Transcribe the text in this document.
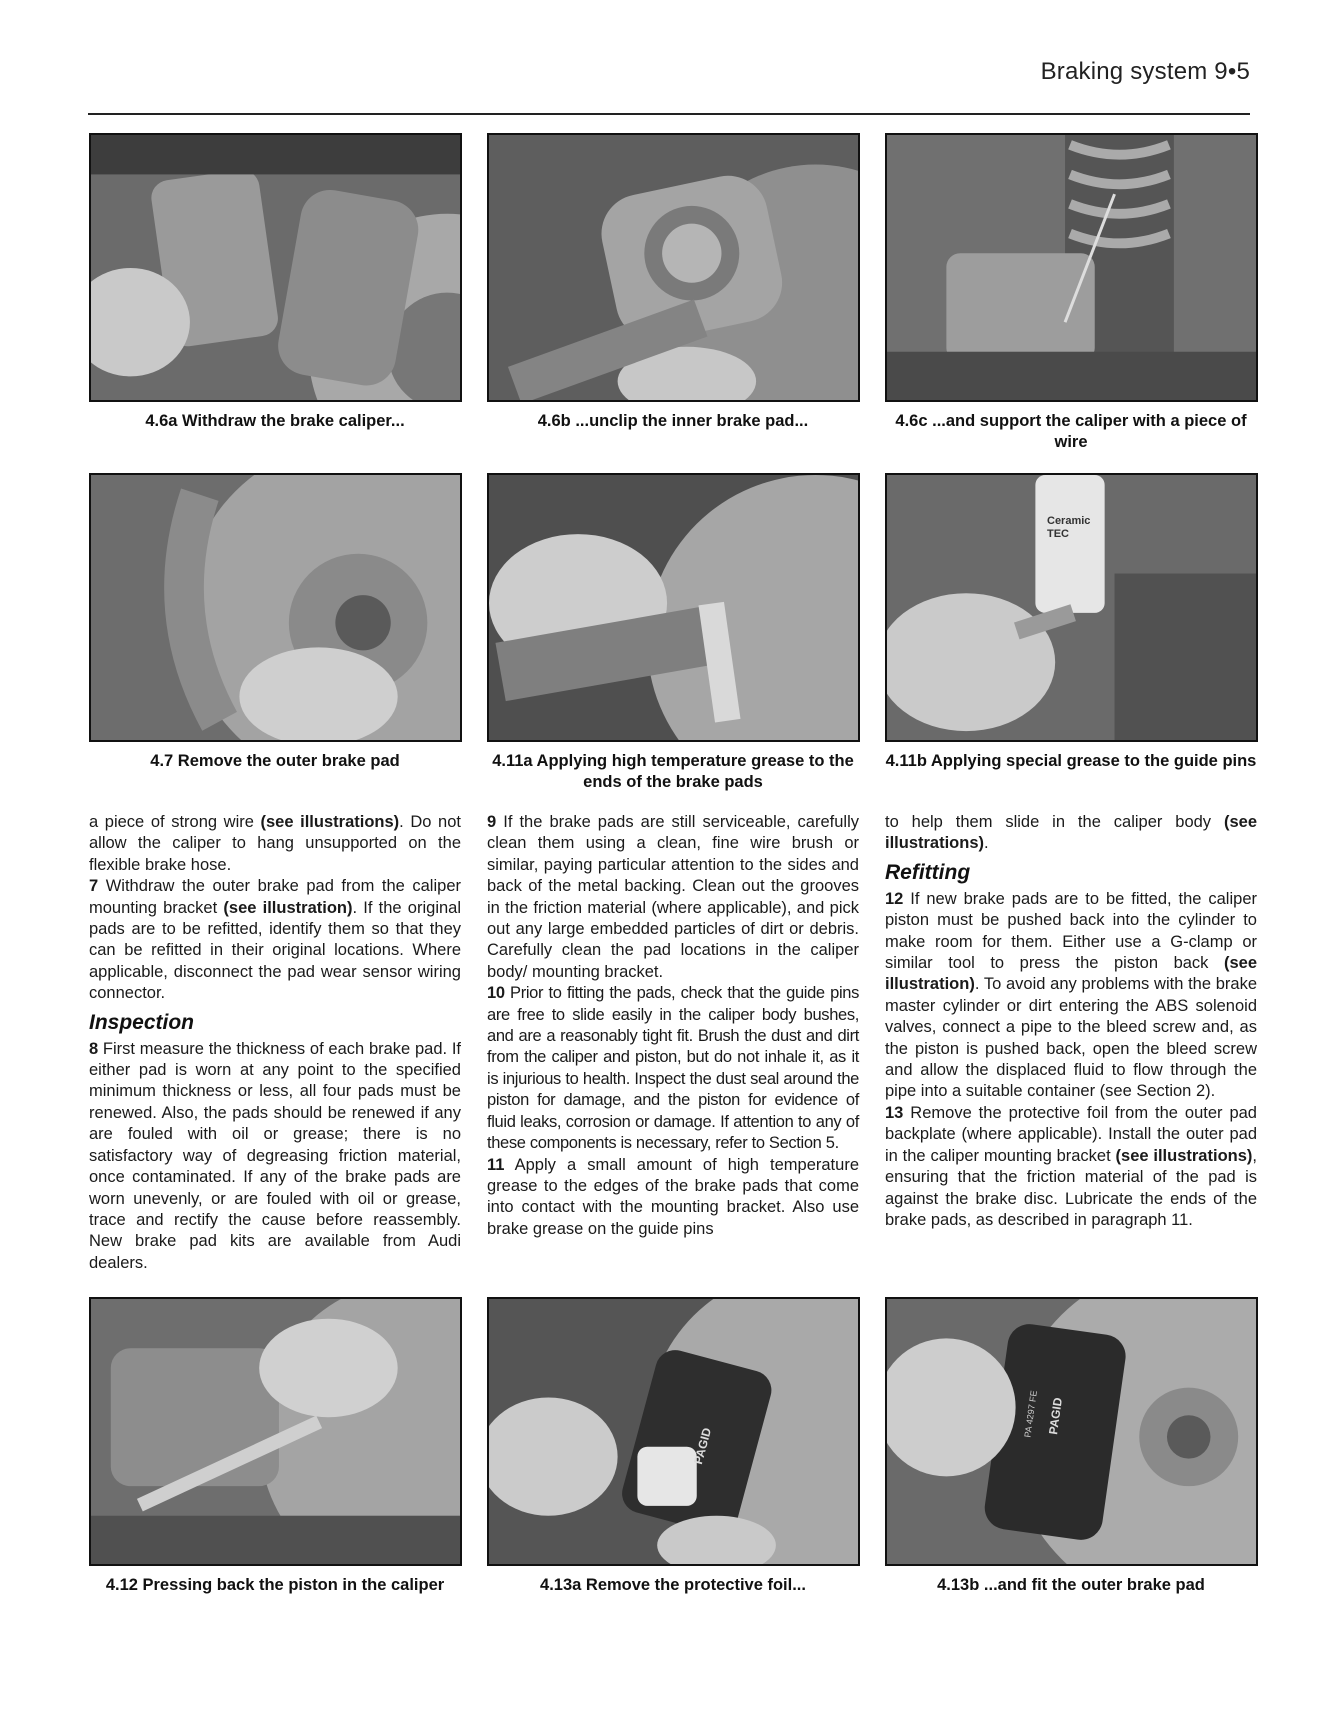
Braking system 9•5
4.6a Withdraw the brake caliper...	4.6b ...unclip the inner brake pad...	4.6c ...and support the caliper with a piece of wire
Ceramic TEC
4.7 Remove the outer brake pad	4.11a Applying high temperature grease to the ends of the brake pads
4.11b Applying special grease to the guide pins

a piece of strong wire (see illustrations). Do not allow the caliper to hang unsupported on the flexible brake hose.

7 Withdraw the outer brake pad from the caliper mounting bracket (see illustration). If the original pads are to be refitted, identify them so that they can be refitted in their original locations. Where applicable, disconnect the pad wear sensor wiring connector.

Inspection

8 First measure the thickness of each brake pad. If either pad is worn at any point to the specified minimum thickness or less, all four pads must be renewed. Also, the pads should be renewed if any are fouled with oil or grease; there is no satisfactory way of degreasing friction material, once contaminated. If any of the brake pads are worn unevenly, or are fouled with oil or grease, trace and rectify the cause before reassembly. New brake pad kits are available from Audi dealers.

9 If the brake pads are still serviceable, carefully clean them using a clean, fine wire brush or similar, paying particular attention to the sides and back of the metal backing. Clean out the grooves in the friction material (where applicable), and pick out any large embedded particles of dirt or debris. Carefully clean the pad locations in the caliper body/ mounting bracket.

10 Prior to fitting the pads, check that the guide pins are free to slide easily in the caliper body bushes, and are a reasonably tight fit. Brush the dust and dirt from the caliper and piston, but do not inhale it, as it is injurious to health. Inspect the dust seal around the piston for damage, and the piston for evidence of fluid leaks, corrosion or damage. If attention to any of these components is necessary, refer to Section 5.

11 Apply a small amount of high temperature grease to the edges of the brake pads that come into contact with the mounting bracket. Also use brake grease on the guide pins

to help them slide in the caliper body (see illustrations).

Refitting

12 If new brake pads are to be fitted, the caliper piston must be pushed back into the cylinder to make room for them. Either use a G-clamp or similar tool to press the piston back (see illustration). To avoid any problems with the brake master cylinder or dirt entering the ABS solenoid valves, connect a pipe to the bleed screw and, as the piston is pushed back, open the bleed screw and allow the displaced fluid to flow through the pipe into a suitable container (see Section 2).

13 Remove the protective foil from the outer pad backplate (where applicable). Install the outer pad in the caliper mounting bracket (see illustrations), ensuring that the friction material of the pad is against the brake disc. Lubricate the ends of the brake pads, as described in paragraph 11.

PAGID
PAGID
PA 4297 FE
4.12 Pressing back the piston in the caliper	4.13a Remove the protective foil...	4.13b ...and fit the outer brake pad
